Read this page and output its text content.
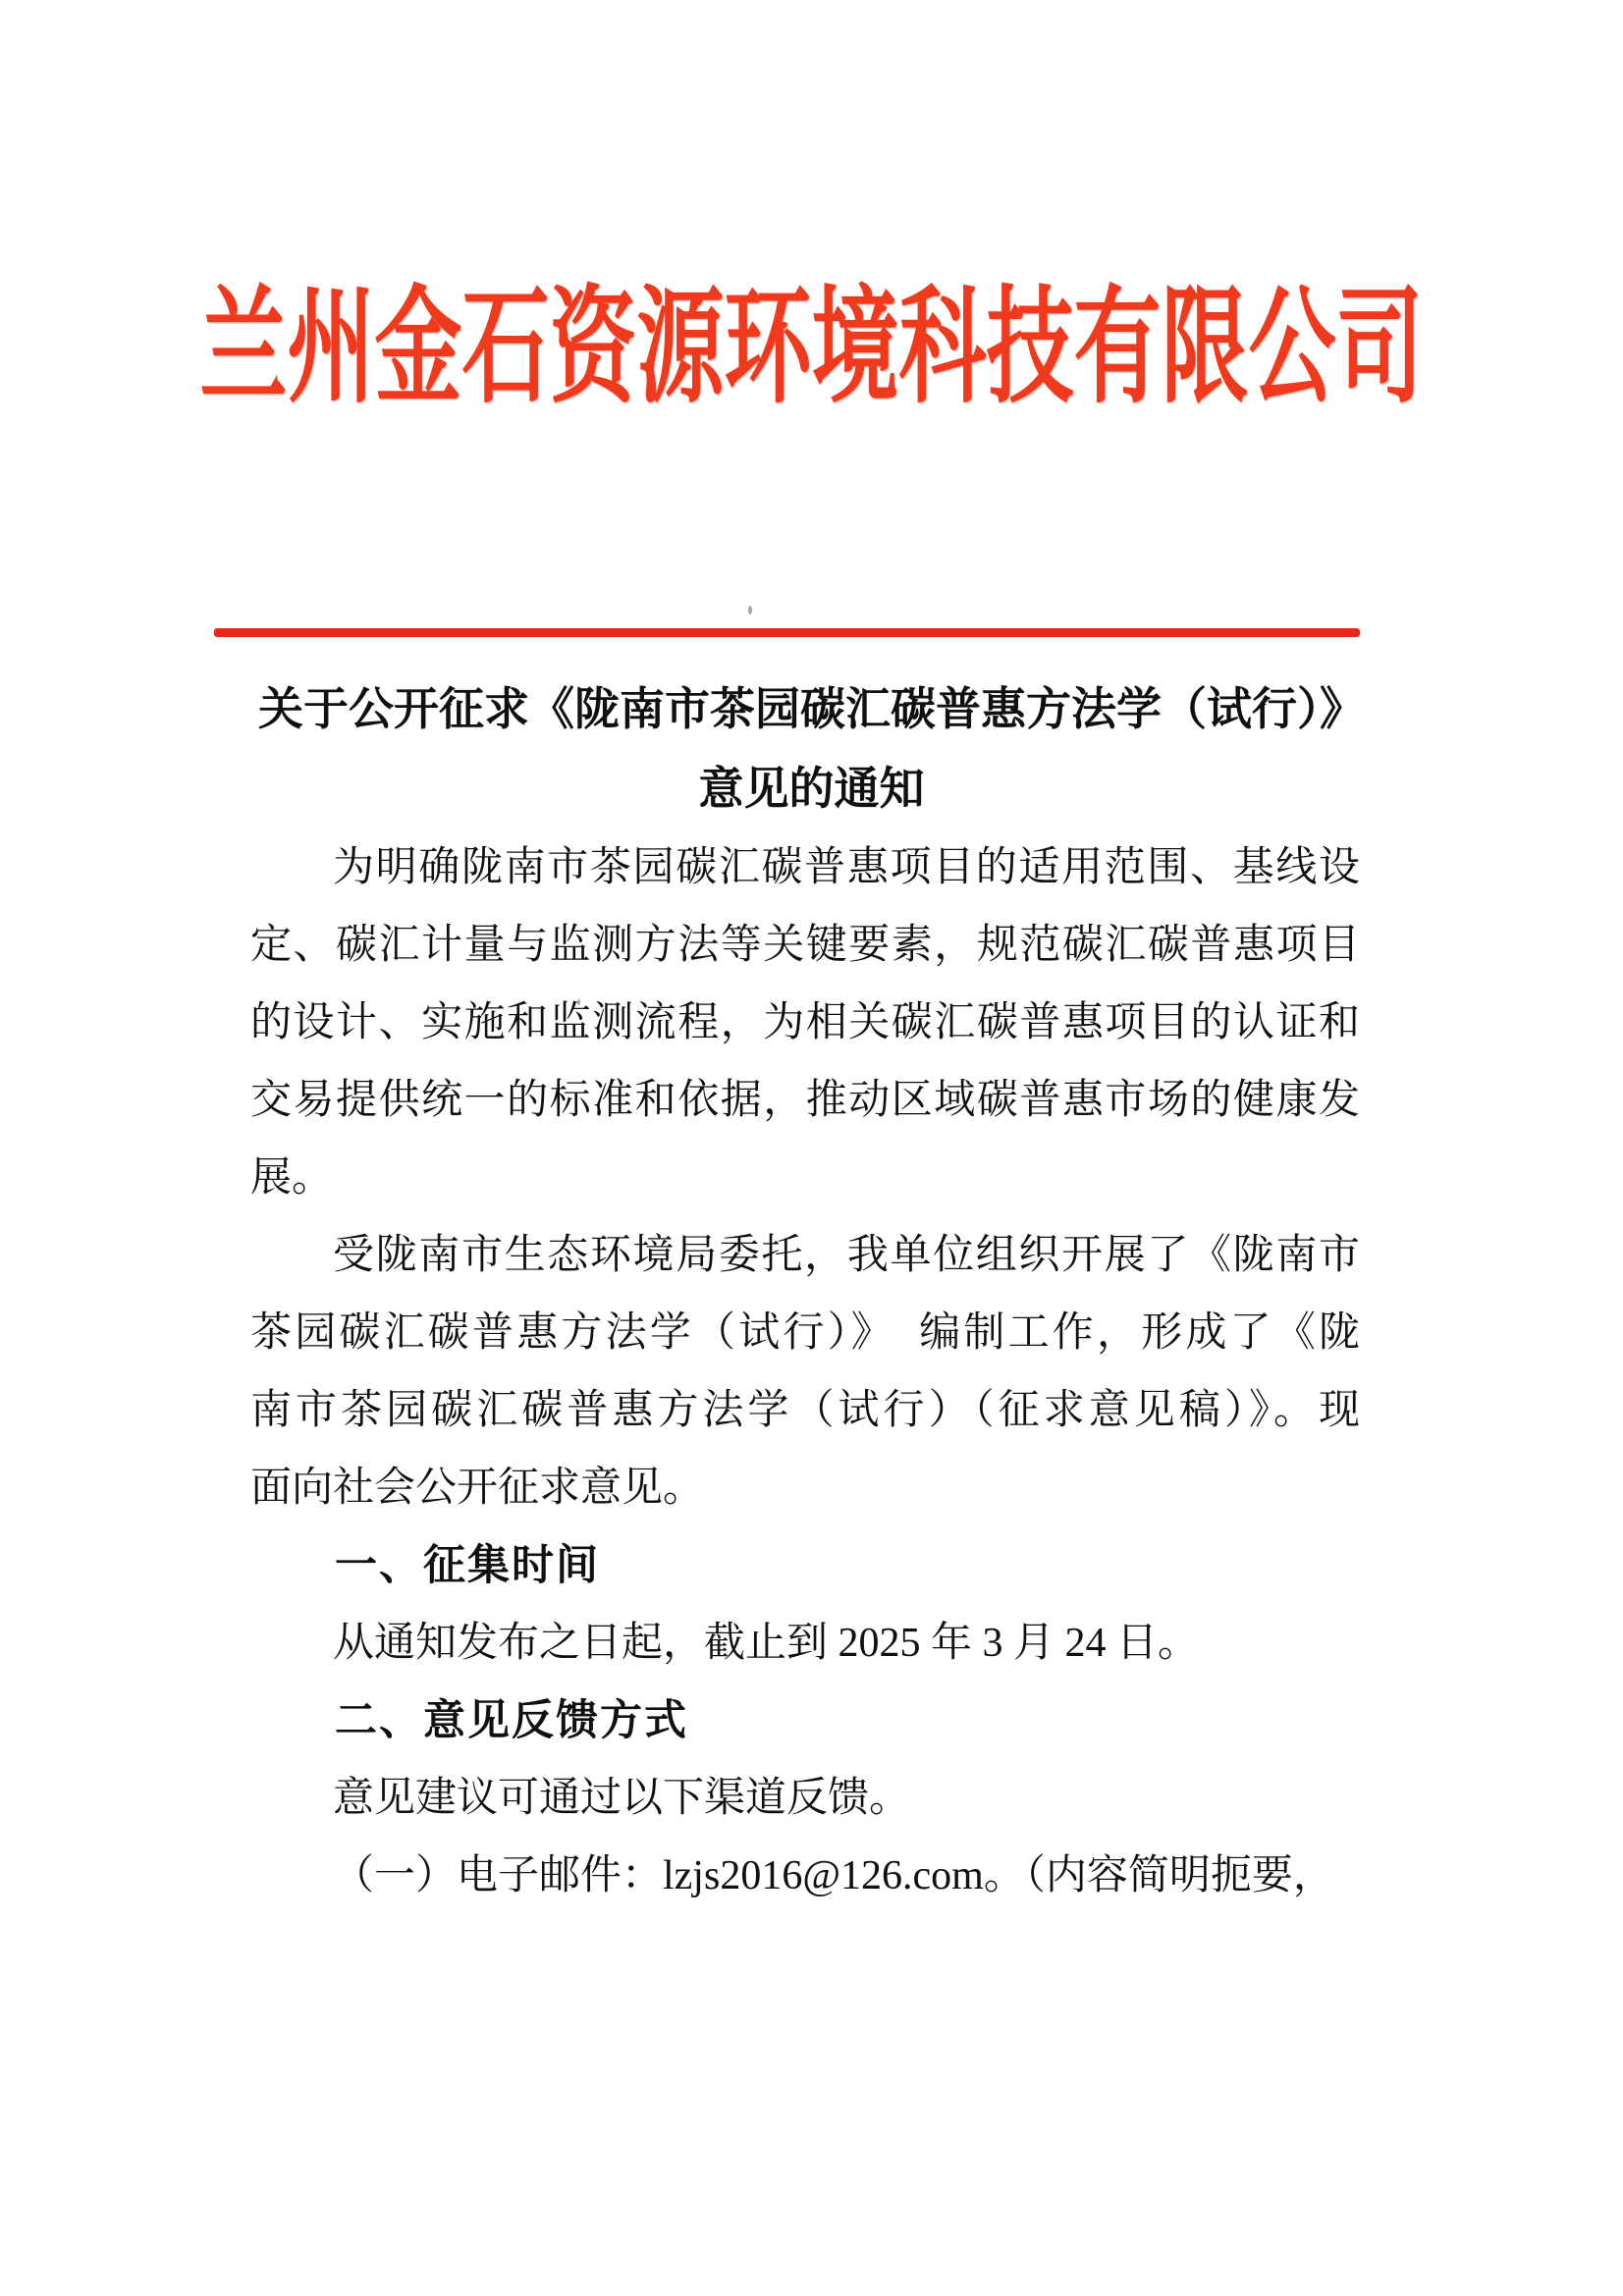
兰州金石资源环境科技有限公司
关于公开征求《陇南市茶园碳汇碳普惠方法学（试行）》
意见的通知
为明确陇南市茶园碳汇碳普惠项目的适用范围、基线设
定、碳汇计量与监测方法等关键要素，规范碳汇碳普惠项目
的设计、实施和监测流程，为相关碳汇碳普惠项目的认证和
交易提供统一的标准和依据，推动区域碳普惠市场的健康发
展。
受陇南市生态环境局委托，我单位组织开展了《陇南市
茶园碳汇碳普惠方法学（试行）》　编制工作，形成了《陇
南市茶园碳汇碳普惠方法学（试行）（征求意见稿）》。现
面向社会公开征求意见。
一、征集时间
从通知发布之日起，截止到 2025 年 3 月 24 日。
二、意见反馈方式
意见建议可通过以下渠道反馈。
（一）电子邮件：lzjs2016@126.com。（内容简明扼要，
